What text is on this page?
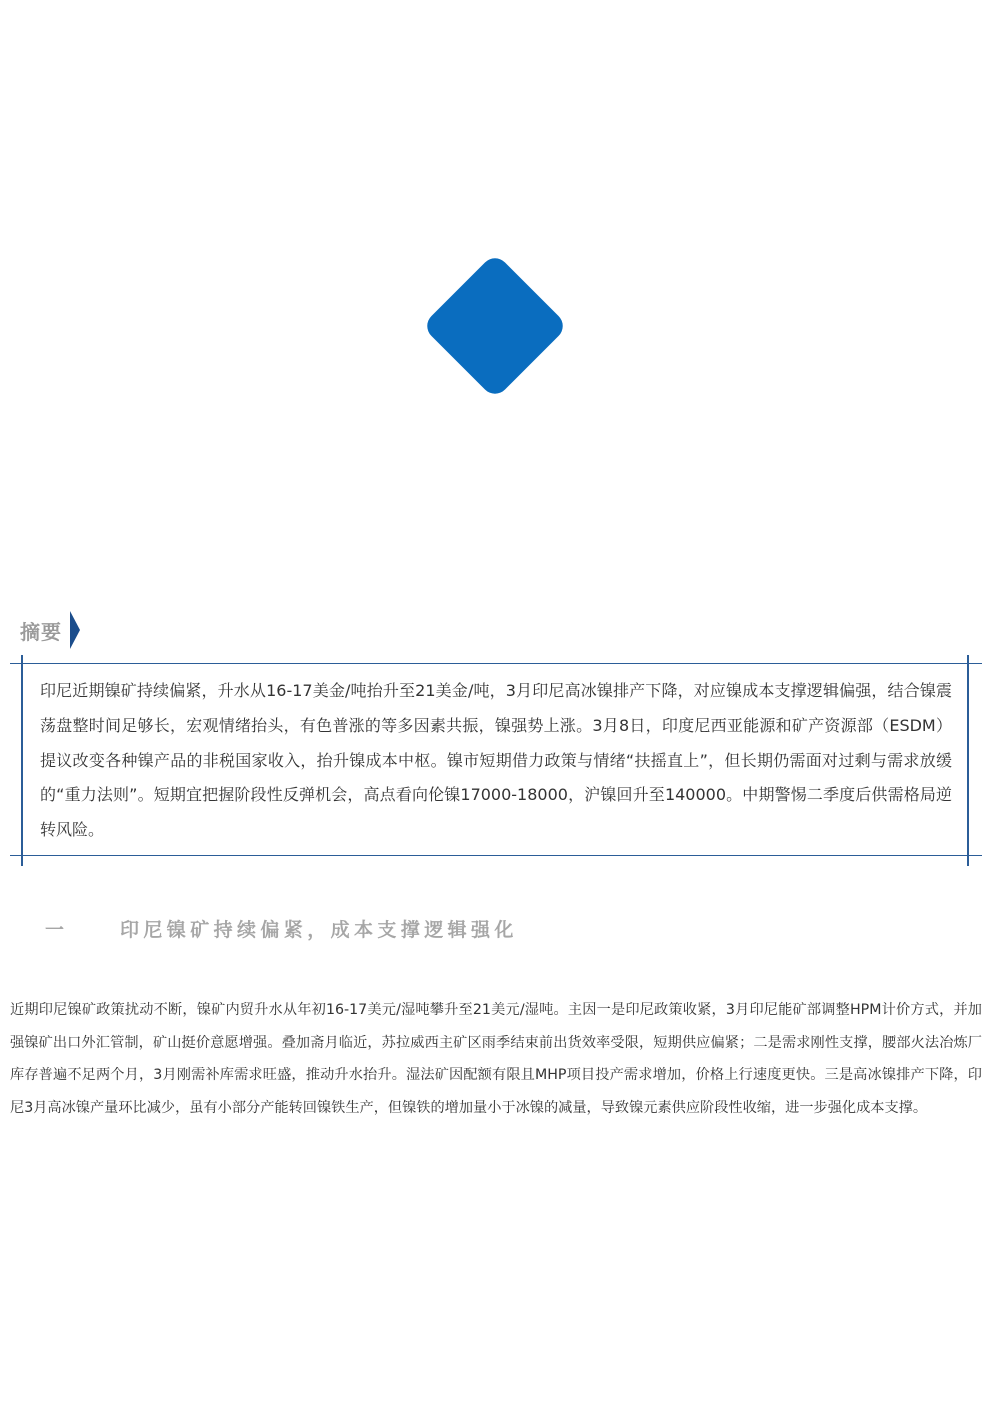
摘要
印尼近期镍矿持续偏紧，升水从16-17美金/吨抬升至21美金/吨，3月印尼高冰镍排产下降，对应镍成本支撑逻辑偏强，结合镍震荡盘整时间足够长，宏观情绪抬头，有色普涨的等多因素共振，镍强势上涨。3月8日，印度尼西亚能源和矿产资源部（ESDM）提议改变各种镍产品的非税国家收入，抬升镍成本中枢。镍市短期借力政策与情绪“扶摇直上”，但长期仍需面对过剩与需求放缓的“重力法则”。短期宜把握阶段性反弹机会，高点看向伦镍17000-18000，沪镍回升至140000。中期警惕二季度后供需格局逆转风险。
一	印尼镍矿持续偏紧，成本支撑逻辑强化
近期印尼镍矿政策扰动不断，镍矿内贸升水从年初16-17美元/湿吨攀升至21美元/湿吨。主因一是印尼政策收紧，3月印尼能矿部调整HPM计价方式，并加强镍矿出口外汇管制，矿山挺价意愿增强。叠加斋月临近，苏拉威西主矿区雨季结束前出货效率受限，短期供应偏紧；二是需求刚性支撑，腰部火法冶炼厂库存普遍不足两个月，3月刚需补库需求旺盛，推动升水抬升。湿法矿因配额有限且MHP项目投产需求增加，价格上行速度更快。三是高冰镍排产下降，印尼3月高冰镍产量环比减少，虽有小部分产能转回镍铁生产，但镍铁的增加量小于冰镍的减量，导致镍元素供应阶段性收缩，进一步强化成本支撑。
